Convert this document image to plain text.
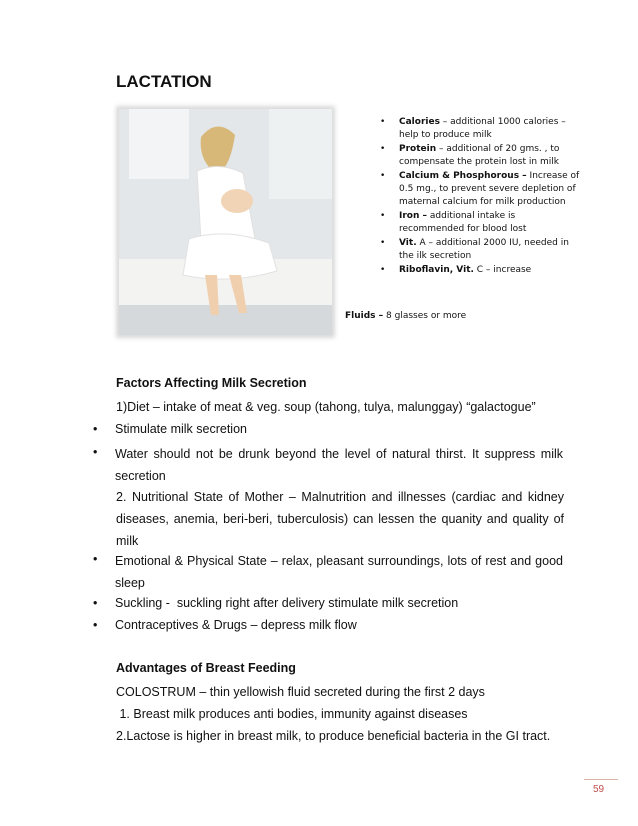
LACTATION
• Calories – additional 1000 calories – help to produce milk
• Protein – additional of 20 gms. , to compensate the protein lost in milk
• Calcium & Phosphorous – Increase of 0.5 mg., to prevent severe depletion of maternal calcium for milk production
• Iron – additional intake is recommended for blood lost
• Vit. A – additional 2000 IU, needed in the ilk secretion
• Riboflavin, Vit. C – increase
Fluids – 8 glasses or more
Factors Affecting Milk Secretion
1)Diet – intake of meat & veg. soup (tahong, tulya, malunggay) “galactogue”
• Stimulate milk secretion
• Water should not be drunk beyond the level of natural thirst. It suppress milk secretion
2. Nutritional State of Mother – Malnutrition and illnesses (cardiac and kidney diseases, anemia, beri-beri, tuberculosis) can lessen the quanity and quality of milk
• Emotional & Physical State – relax, pleasant surroundings, lots of rest and good sleep
• Suckling -  suckling right after delivery stimulate milk secretion
• Contraceptives & Drugs – depress milk flow
Advantages of Breast Feeding
COLOSTRUM – thin yellowish fluid secreted during the first 2 days
1. Breast milk produces anti bodies, immunity against diseases
2.Lactose is higher in breast milk, to produce beneficial bacteria in the GI tract.
59
